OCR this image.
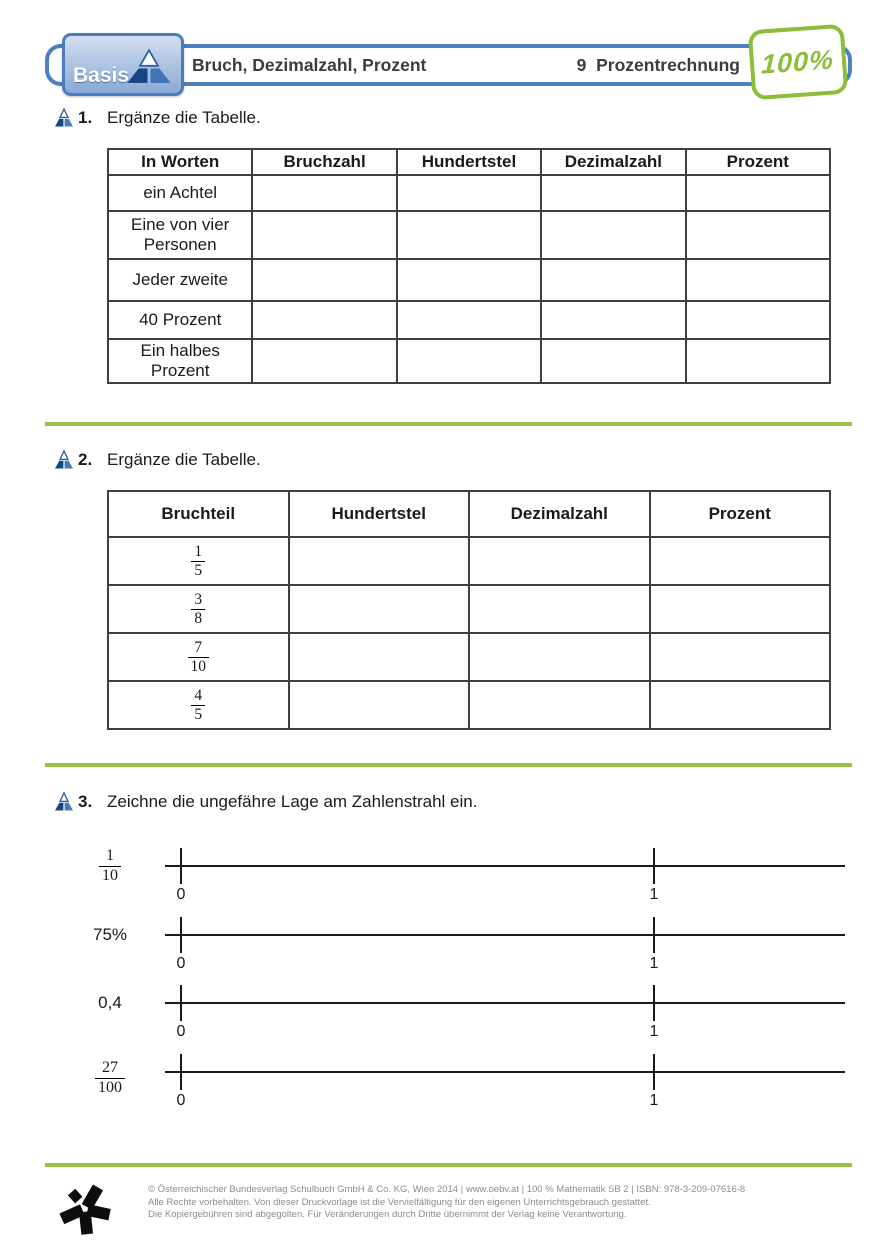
Bruch, Dezimalzahl, Prozent	9  Prozentrechnung
Basis	100%
1. Ergänze die Tabelle.
In Worten	Bruchzahl	Hundertstel	Dezimalzahl	Prozent
ein Achtel				
Eine von vier Personen				
Jeder zweite				
40 Prozent				
Ein halbes Prozent				
2. Ergänze die Tabelle.
Bruchteil	Hundertstel	Dezimalzahl	Prozent

$\frac{1}{5}$

$\frac{3}{8}$

$\frac{7}{10}$

$\frac{4}{5}$

3. Zeichne die ungefähre Lage am Zahlenstrahl ein.
$\frac{1}{10}$
0	1
75%
0	1
0,4
0	1
$\frac{27}{100}$
0	1
© Österreichischer Bundesverlag Schulbuch GmbH & Co. KG, Wien 2014 | www.oebv.at | 100 % Mathematik SB 2 | ISBN: 978-3-209-07616-8
Alle Rechte vorbehalten. Von dieser Druckvorlage ist die Vervielfältigung für den eigenen Unterrichtsgebrauch gestattet.
Die Kopiergebühren sind abgegolten. Für Veränderungen durch Dritte übernimmt der Verlag keine Verantwortung.
